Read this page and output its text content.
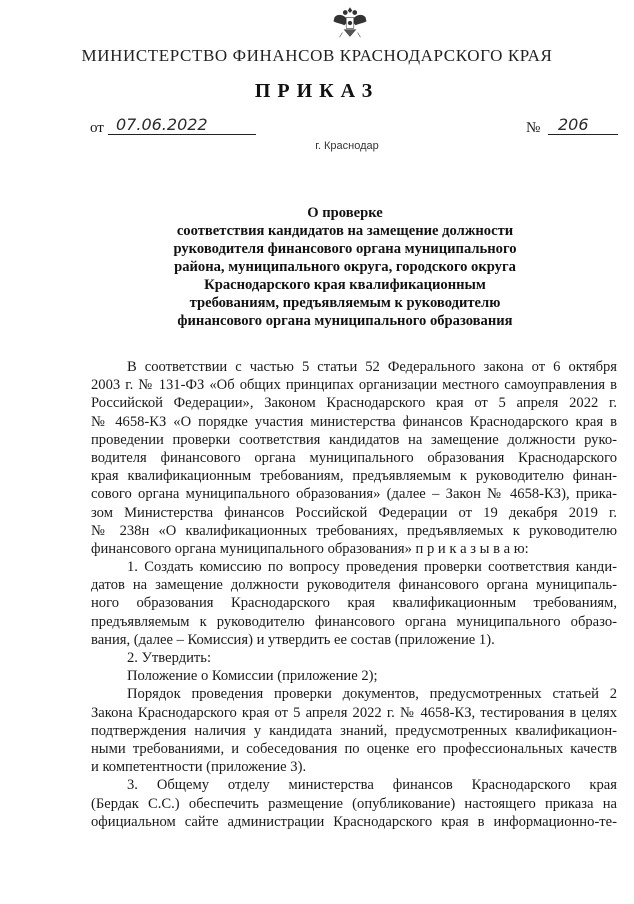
МИНИСТЕРСТВО ФИНАНСОВ КРАСНОДАРСКОГО КРАЯ
ПРИКАЗ
от 07.06.2022	№	206
г. Краснодар
О проверке
соответствия кандидатов на замещение должности
руководителя финансового органа муниципального
района, муниципального округа, городского округа
Краснодарского края квалификационным
требованиям, предъявляемым к руководителю
финансового органа муниципального образования
В соответствии с частью 5 статьи 52 Федерального закона от 6 октября
2003 г. № 131-ФЗ «Об общих принципах организации местного самоуправления в
Российской Федерации», Законом Краснодарского края от 5 апреля 2022 г.
№ 4658-КЗ «О порядке участия министерства финансов Краснодарского края в
проведении проверки соответствия кандидатов на замещение должности руко-
водителя финансового органа муниципального образования Краснодарского
края квалификационным требованиям, предъявляемым к руководителю финан-
сового органа муниципального образования» (далее – Закон № 4658-КЗ), прика-
зом Министерства финансов Российской Федерации от 19 декабря 2019 г.
№ 238н «О квалификационных требованиях, предъявляемых к руководителю
финансового органа муниципального образования» п р и к а з ы в а ю:
1. Создать комиссию по вопросу проведения проверки соответствия канди-
датов на замещение должности руководителя финансового органа муниципаль-
ного образования Краснодарского края квалификационным требованиям,
предъявляемым к руководителю финансового органа муниципального образо-
вания, (далее – Комиссия) и утвердить ее состав (приложение 1).
2. Утвердить:
Положение о Комиссии (приложение 2);
Порядок проведения проверки документов, предусмотренных статьей 2
Закона Краснодарского края от 5 апреля 2022 г. № 4658-КЗ, тестирования в целях
подтверждения наличия у кандидата знаний, предусмотренных квалификацион-
ными требованиями, и собеседования по оценке его профессиональных качеств
и компетентности (приложение 3).
3. Общему отделу министерства финансов Краснодарского края
(Бердак С.С.) обеспечить размещение (опубликование) настоящего приказа на
официальном сайте администрации Краснодарского края в информационно-те-
